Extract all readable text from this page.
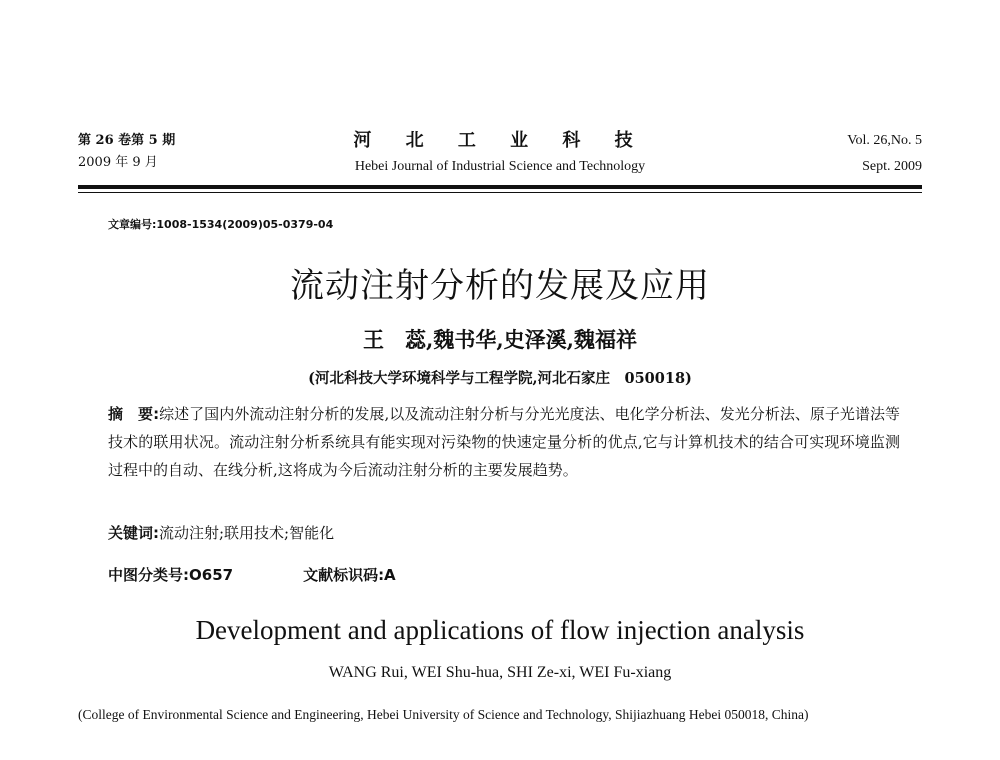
第 26 卷第 5 期
2009 年 9 月
河 北 工 业 科 技
Hebei Journal of Industrial Science and Technology
Vol. 26,No. 5
Sept. 2009
文章编号:1008-1534(2009)05-0379-04
流动注射分析的发展及应用
王　蕊,魏书华,史泽溪,魏福祥
(河北科技大学环境科学与工程学院,河北石家庄　050018)
摘　要:综述了国内外流动注射分析的发展,以及流动注射分析与分光光度法、电化学分析法、发光分析法、原子光谱法等技术的联用状况。流动注射分析系统具有能实现对污染物的快速定量分析的优点,它与计算机技术的结合可实现环境监测过程中的自动、在线分析,这将成为今后流动注射分析的主要发展趋势。
关键词:流动注射;联用技术;智能化
中图分类号:O657	文献标识码:A
Development and applications of flow injection analysis
WANG Rui, WEI Shu-hua, SHI Ze-xi, WEI Fu-xiang
(College of Environmental Science and Engineering, Hebei University of Science and Technology, Shijiazhuang Hebei 050018, China)
